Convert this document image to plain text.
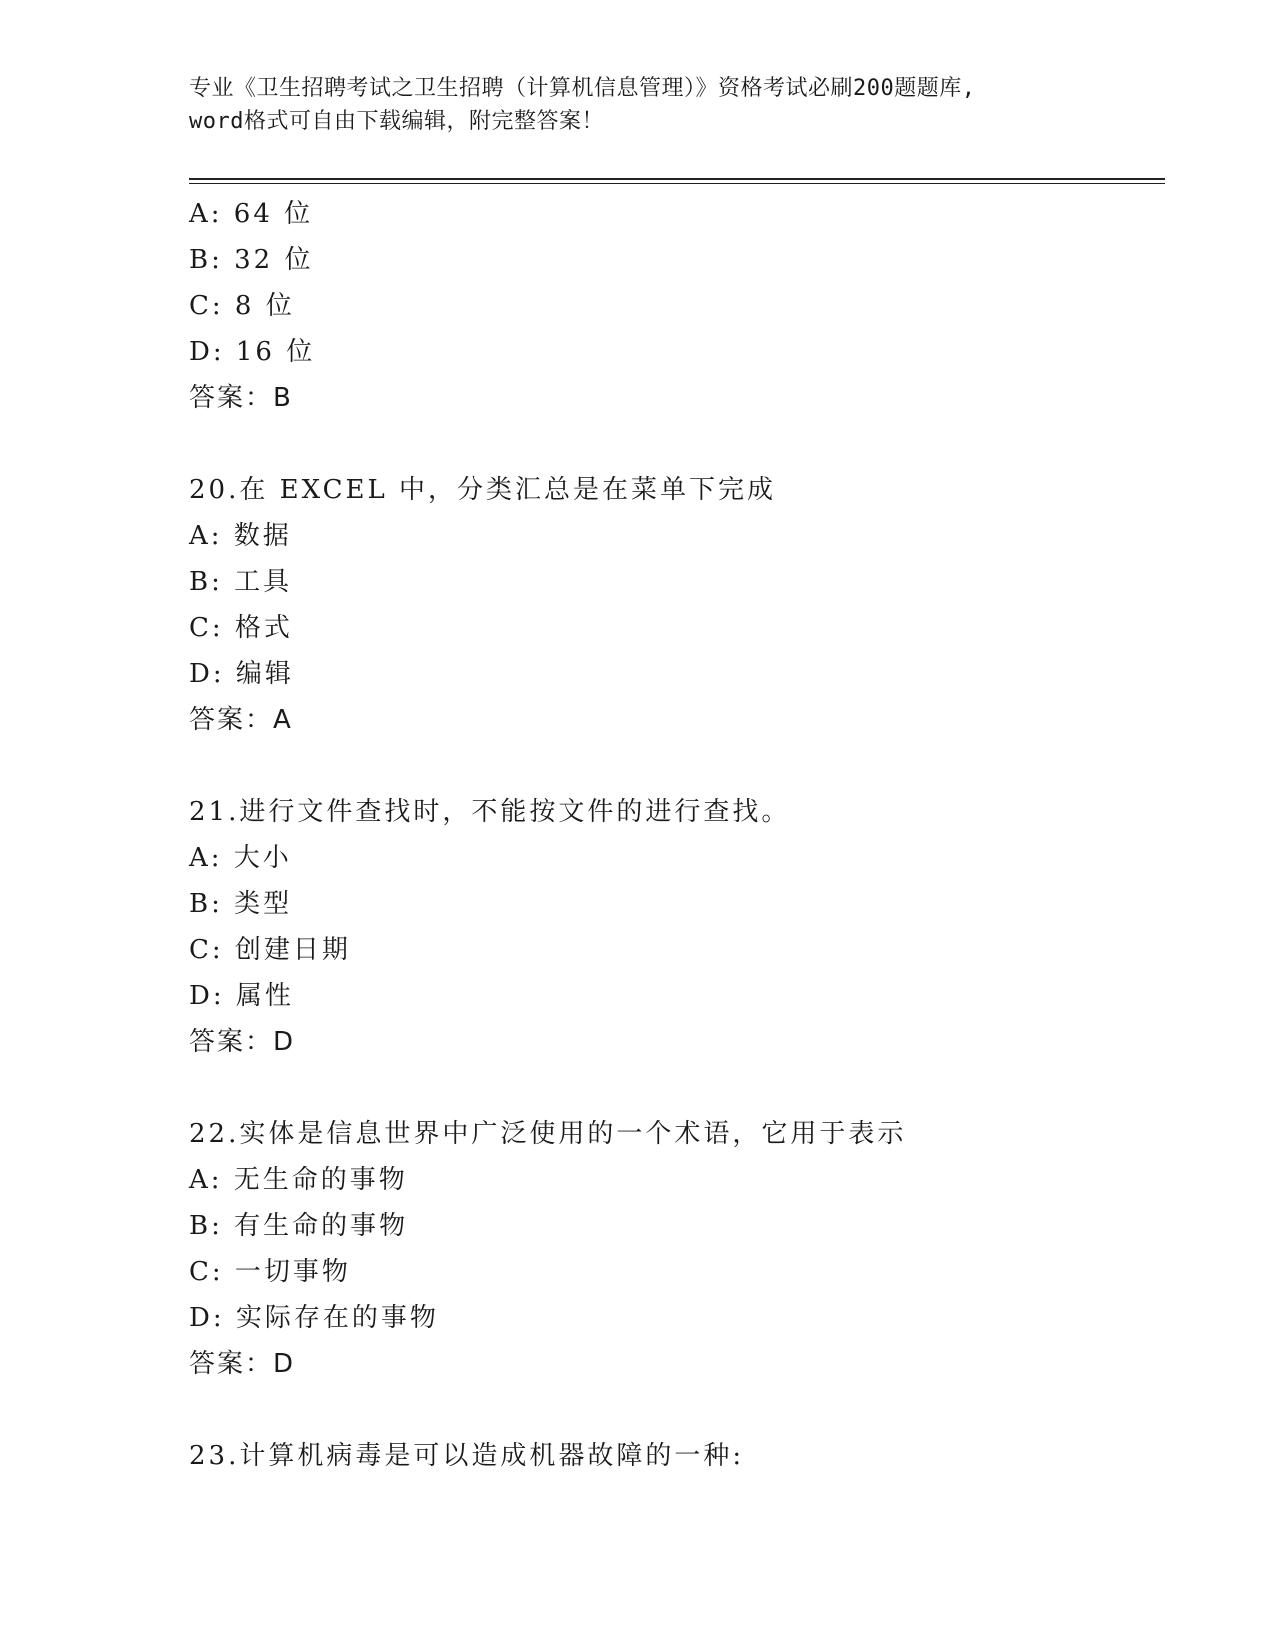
专业《卫生招聘考试之卫生招聘（计算机信息管理）》资格考试必刷200题题库,
word格式可自由下载编辑，附完整答案！
A: 64 位
B: 32 位
C: 8 位
D: 16 位
答案：B
20.在 EXCEL 中，分类汇总是在菜单下完成
A: 数据
B: 工具
C: 格式
D: 编辑
答案：A
21.进行文件查找时，不能按文件的进行查找。
A: 大小
B: 类型
C: 创建日期
D: 属性
答案：D
22.实体是信息世界中广泛使用的一个术语，它用于表示
A: 无生命的事物
B: 有生命的事物
C: 一切事物
D: 实际存在的事物
答案：D
23.计算机病毒是可以造成机器故障的一种:
